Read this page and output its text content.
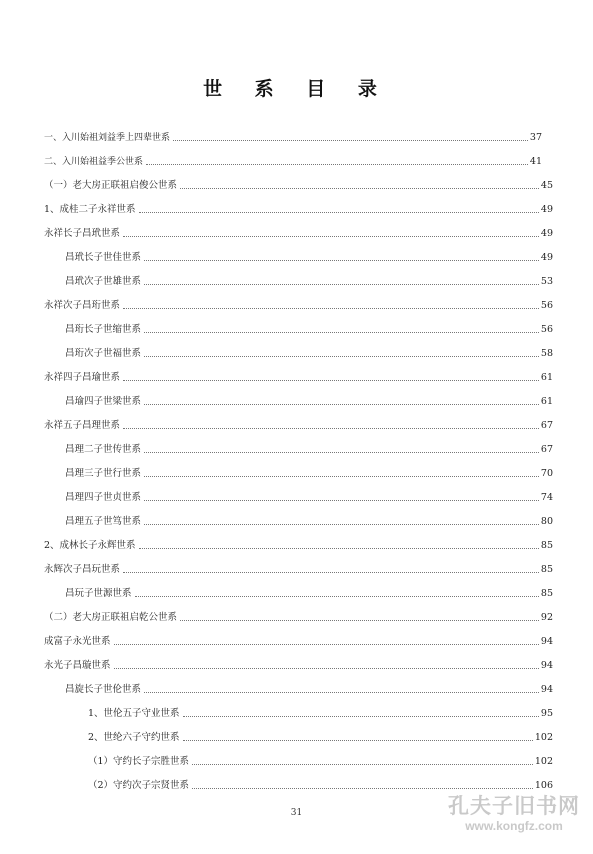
世 系 目 录
一、入川始祖刘益季上四辈世系	37
二、入川始祖益季公世系	41
（一）老大房正联祖启俊公世系	45
1、成桂二子永祥世系	49
永祥长子昌玳世系	49
昌玳长子世佳世系	49
昌玳次子世雄世系	53
永祥次子昌珩世系	56
昌珩长子世缩世系	56
昌珩次子世福世系	58
永祥四子昌瑜世系	61
昌瑜四子世梁世系	61
永祥五子昌理世系	67
昌理二子世传世系	67
昌理三子世行世系	70
昌理四子世贞世系	74
昌理五子世笃世系	80
2、成林长子永辉世系	85
永辉次子昌玩世系	85
昌玩子世源世系	85
（二）老大房正联祖启乾公世系	92
成富子永光世系	94
永光子昌璇世系	94
昌旋长子世伦世系	94
1、世伦五子守业世系	95
2、世纶六子守约世系	102
（1）守约长子宗胜世系	102
（2）守约次子宗贤世系	106
31	孔夫子旧书网
www.kongfz.com
